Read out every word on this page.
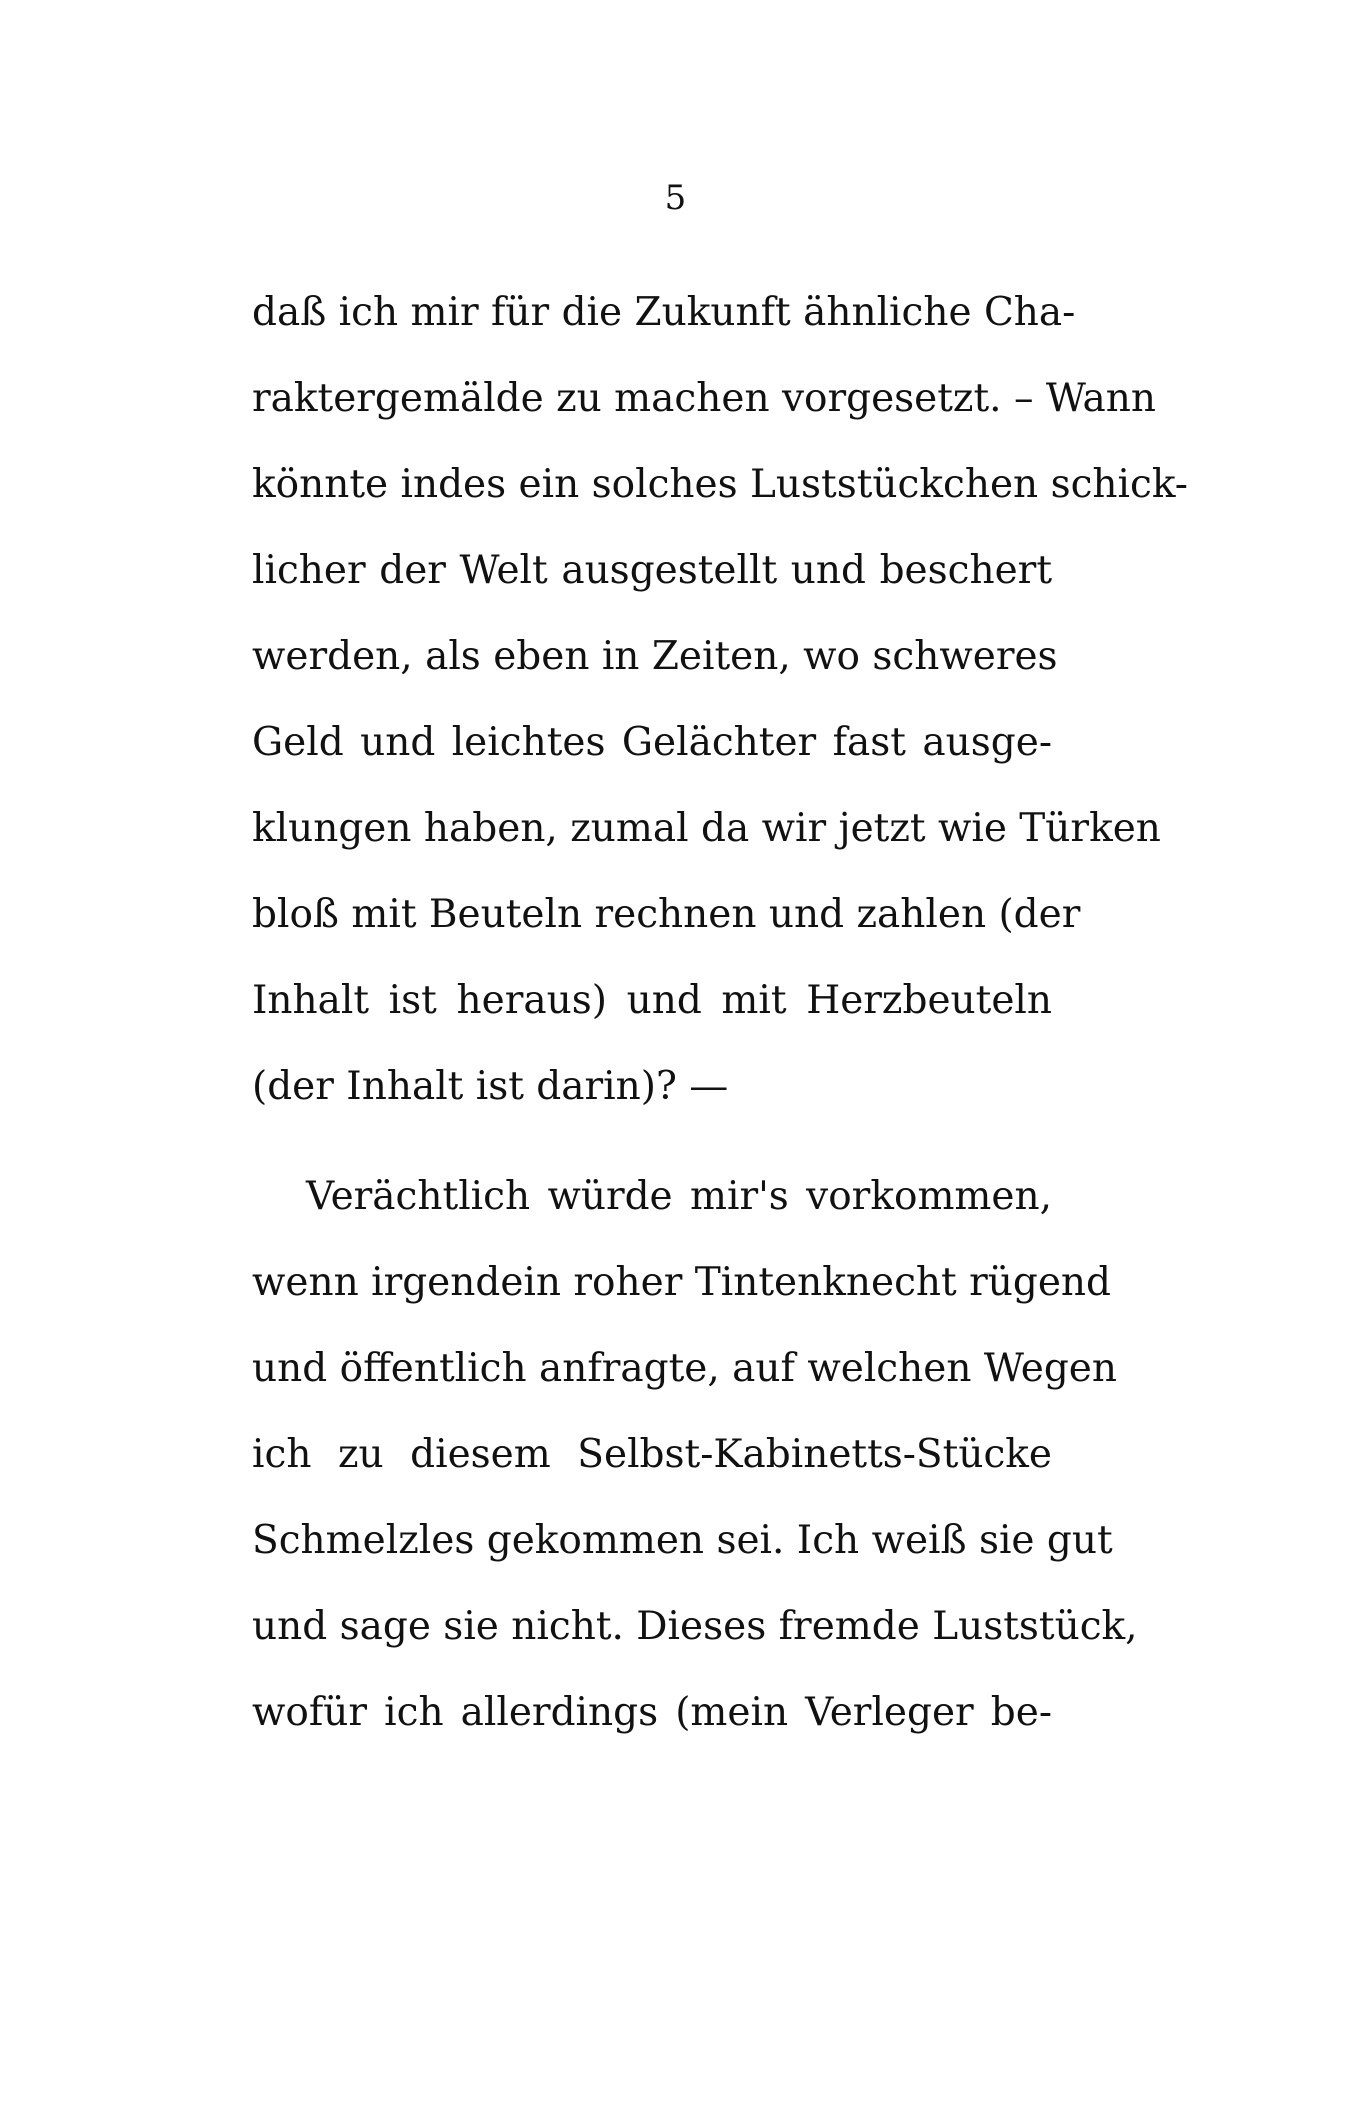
5
daß ich mir für die Zukunft ähnliche Cha-
raktergemälde zu machen vorgesetzt. – Wann
könnte indes ein solches Luststückchen schick-
licher der Welt ausgestellt und beschert
werden, als eben in Zeiten, wo schweres
Geld und leichtes Gelächter fast ausge-
klungen haben, zumal da wir jetzt wie Türken
bloß mit Beuteln rechnen und zahlen (der
Inhalt ist heraus) und mit Herzbeuteln
(der Inhalt ist darin)? —
Verächtlich würde mir's vorkommen,
wenn irgendein roher Tintenknecht rügend
und öffentlich anfragte, auf welchen Wegen
ich zu diesem Selbst-Kabinetts-Stücke
Schmelzles gekommen sei. Ich weiß sie gut
und sage sie nicht. Dieses fremde Luststück,
wofür ich allerdings (mein Verleger be-
